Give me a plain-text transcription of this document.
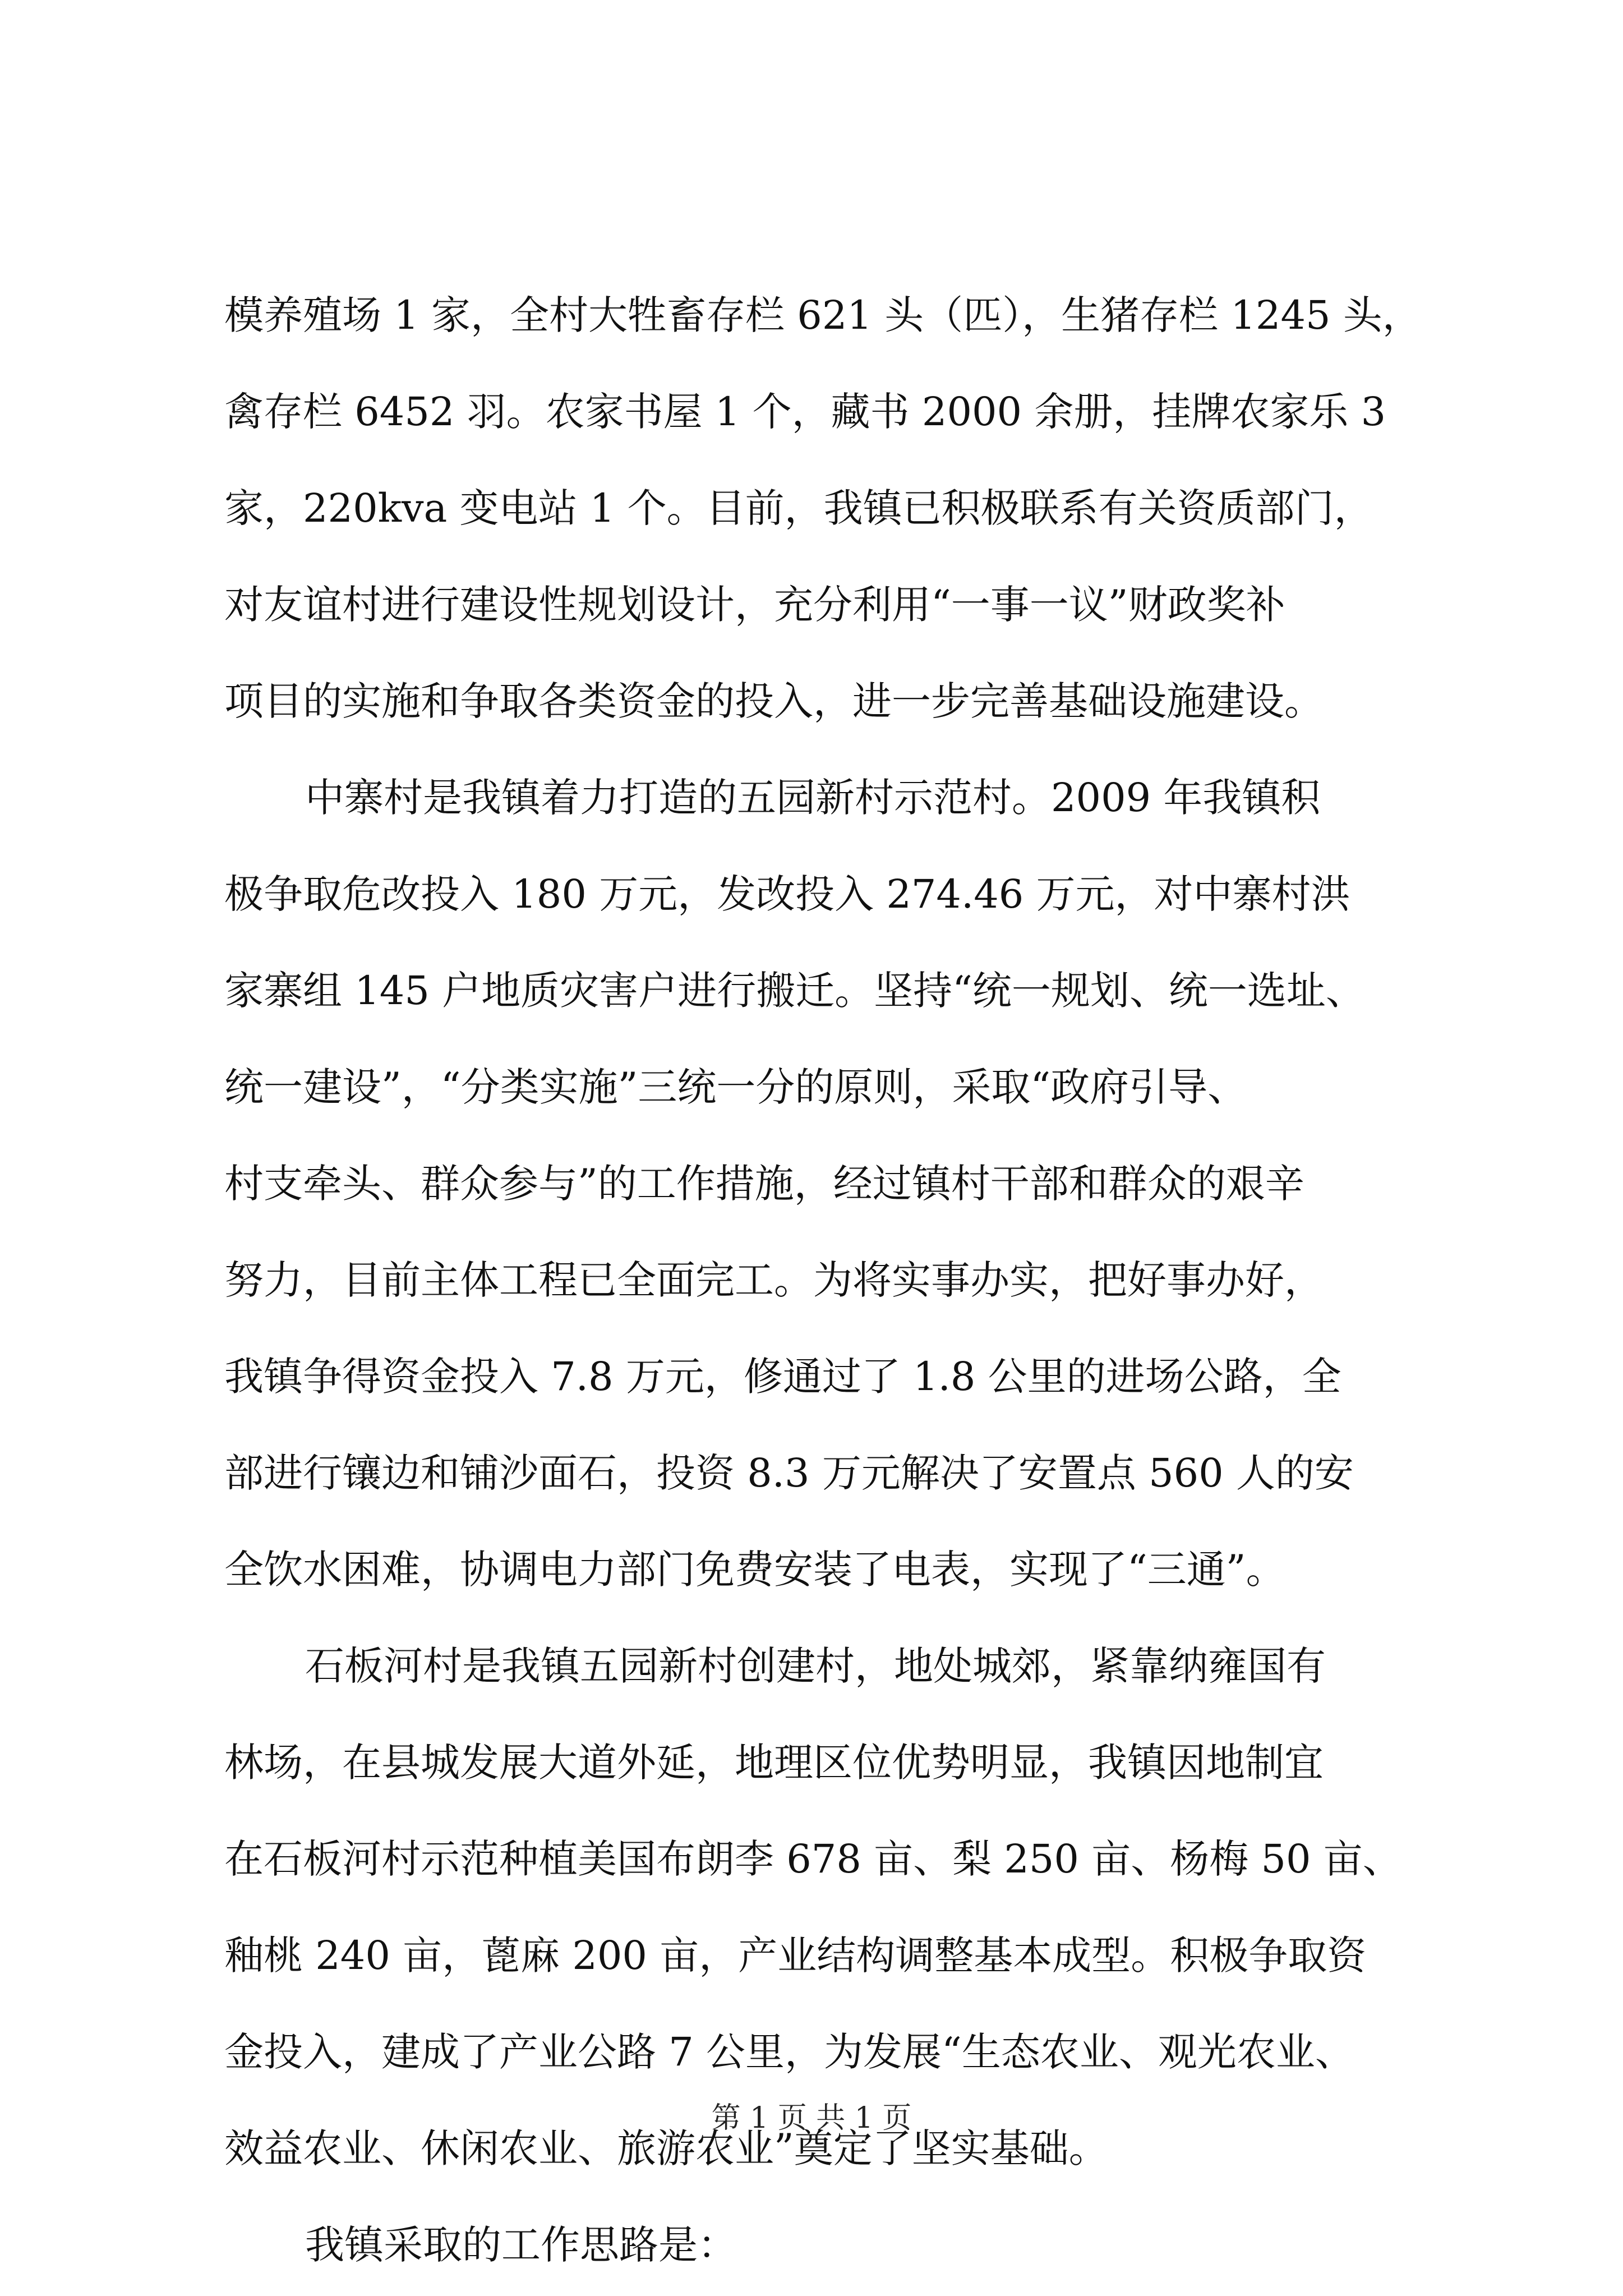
模养殖场 1 家，全村大牲畜存栏 621 头（匹），生猪存栏 1245 头，
禽存栏 6452 羽。农家书屋 1 个，藏书 2000 余册，挂牌农家乐 3
家，220kva 变电站 1 个。目前，我镇已积极联系有关资质部门，
对友谊村进行建设性规划设计，充分利用“一事一议”财政奖补
项目的实施和争取各类资金的投入，进一步完善基础设施建设。
中寨村是我镇着力打造的五园新村示范村。2009 年我镇积
极争取危改投入 180 万元，发改投入 274.46 万元，对中寨村洪
家寨组 145 户地质灾害户进行搬迁。坚持“统一规划、统一选址、
统一建设”，“分类实施”三统一分的原则，采取“政府引导、
村支牵头、群众参与”的工作措施，经过镇村干部和群众的艰辛
努力，目前主体工程已全面完工。为将实事办实，把好事办好，
我镇争得资金投入 7.8 万元，修通过了 1.8 公里的进场公路，全
部进行镶边和铺沙面石，投资 8.3 万元解决了安置点 560 人的安
全饮水困难，协调电力部门免费安装了电表，实现了“三通”。
石板河村是我镇五园新村创建村，地处城郊，紧靠纳雍国有
林场，在县城发展大道外延，地理区位优势明显，我镇因地制宜
在石板河村示范种植美国布朗李 678 亩、梨 250 亩、杨梅 50 亩、
釉桃 240 亩，蓖麻 200 亩，产业结构调整基本成型。积极争取资
金投入，建成了产业公路 7 公里，为发展“生态农业、观光农业、
效益农业、休闲农业、旅游农业”奠定了坚实基础。
我镇采取的工作思路是：
第 1 页 共 1 页
